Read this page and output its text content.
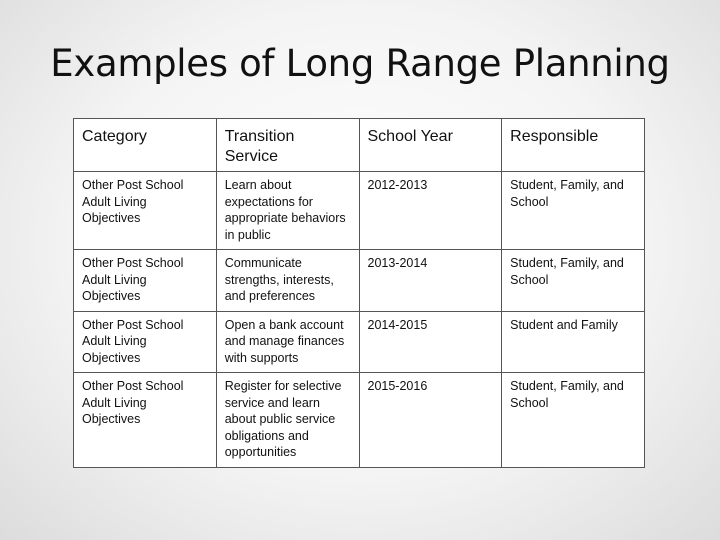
Examples of Long Range Planning
Category	Transition Service	School Year	Responsible
Other Post School Adult Living Objectives	Learn about expectations for appropriate behaviors in public	2012-2013	Student, Family, and School
Other Post School Adult Living Objectives	Communicate strengths, interests, and preferences	2013-2014	Student, Family, and School
Other Post School Adult Living Objectives	Open a bank account and manage finances with supports	2014-2015	Student and Family
Other Post School Adult Living Objectives	Register for selective service and learn about public service obligations and opportunities	2015-2016	Student, Family, and School
